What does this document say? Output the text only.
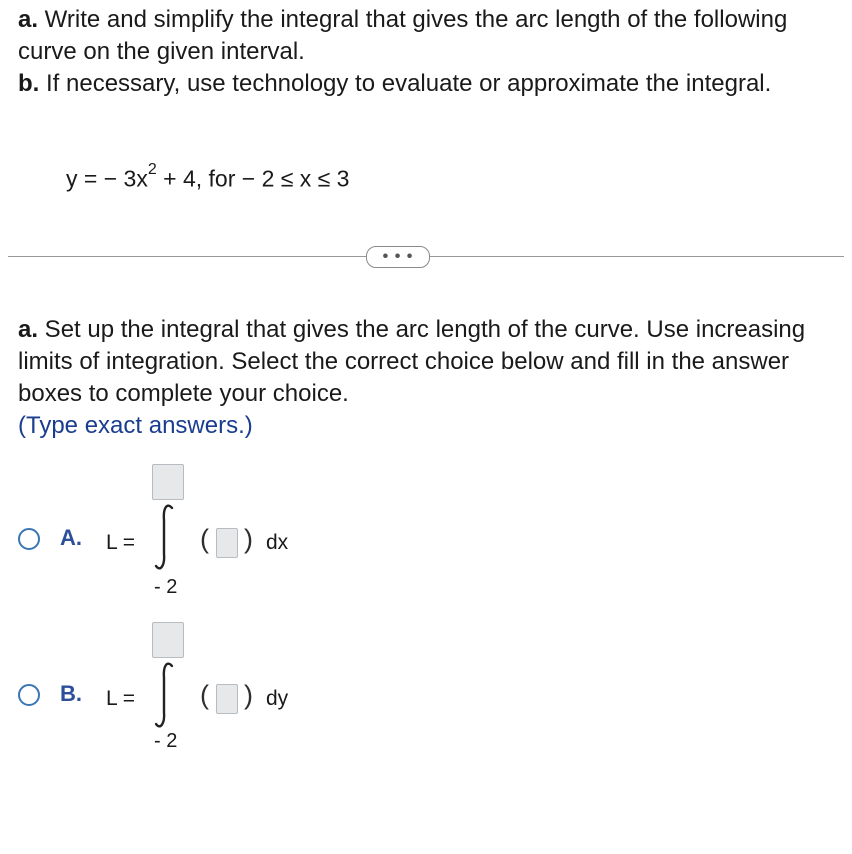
a. Write and simplify the integral that gives the arc length of the following curve on the given interval.

b. If necessary, use technology to evaluate or approximate the integral.

y = − $3x^2 + 4$, for − 2 ≤ x ≤ 3
• • •

a. Set up the integral that gives the arc length of the curve. Use increasing limits of integration. Select the correct choice below and fill in the answer boxes to complete your choice.

(Type exact answers.)

A. L =
- 2
( ) dx
B. L =
- 2
( ) dy
